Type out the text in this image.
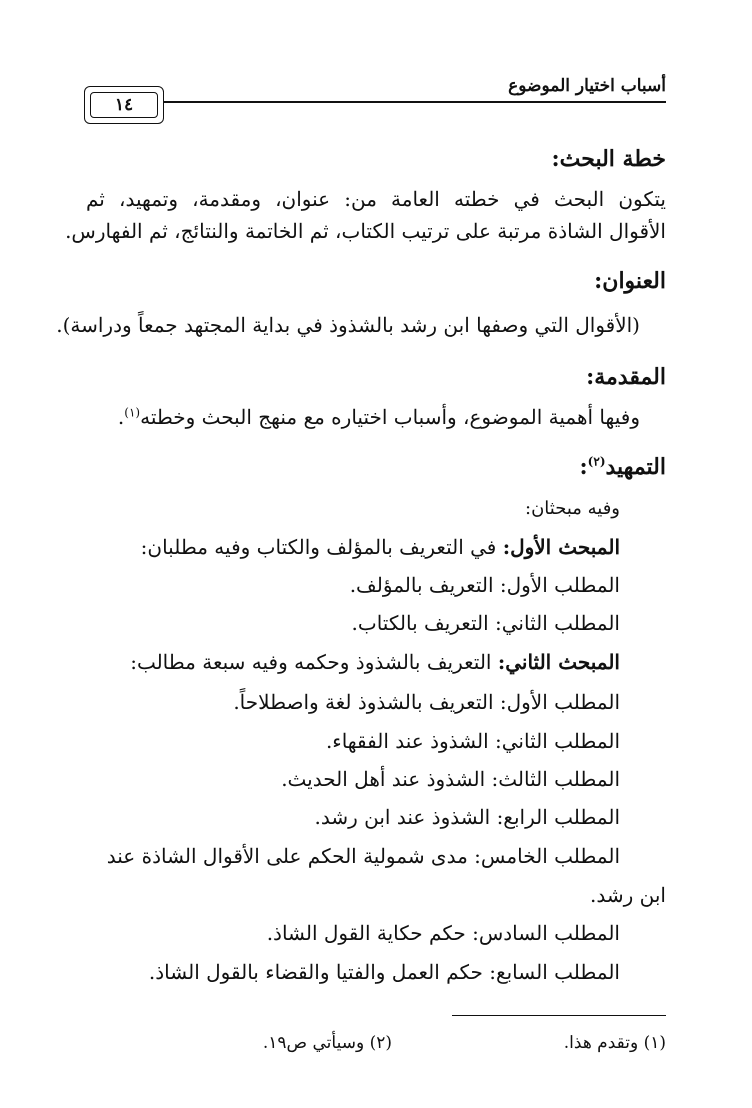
أسباب اختيار الموضوع
١٤
خطة البحث:
يتكون البحث في خطته العامة من: عنوان، ومقدمة، وتمهيد، ثم
الأقوال الشاذة مرتبة على ترتيب الكتاب، ثم الخاتمة والنتائج، ثم الفهارس.
العنوان:
(الأقوال التي وصفها ابن رشد بالشذوذ في بداية المجتهد جمعاً ودراسة).
المقدمة:
وفيها أهمية الموضوع، وأسباب اختياره مع منهج البحث وخطته$^{(١)}$.
التمهيد$^{(٢)}$:
وفيه مبحثان:
المبحث الأول: في التعريف بالمؤلف والكتاب وفيه مطلبان:
المطلب الأول: التعريف بالمؤلف.
المطلب الثاني: التعريف بالكتاب.
المبحث الثاني: التعريف بالشذوذ وحكمه وفيه سبعة مطالب:
المطلب الأول: التعريف بالشذوذ لغة واصطلاحاً.
المطلب الثاني: الشذوذ عند الفقهاء.
المطلب الثالث: الشذوذ عند أهل الحديث.
المطلب الرابع: الشذوذ عند ابن رشد.
المطلب الخامس: مدى شمولية الحكم على الأقوال الشاذة عند
ابن رشد.
المطلب السادس: حكم حكاية القول الشاذ.
المطلب السابع: حكم العمل والفتيا والقضاء بالقول الشاذ.
(١) وتقدم هذا.
(٢) وسيأتي ص١٩.
